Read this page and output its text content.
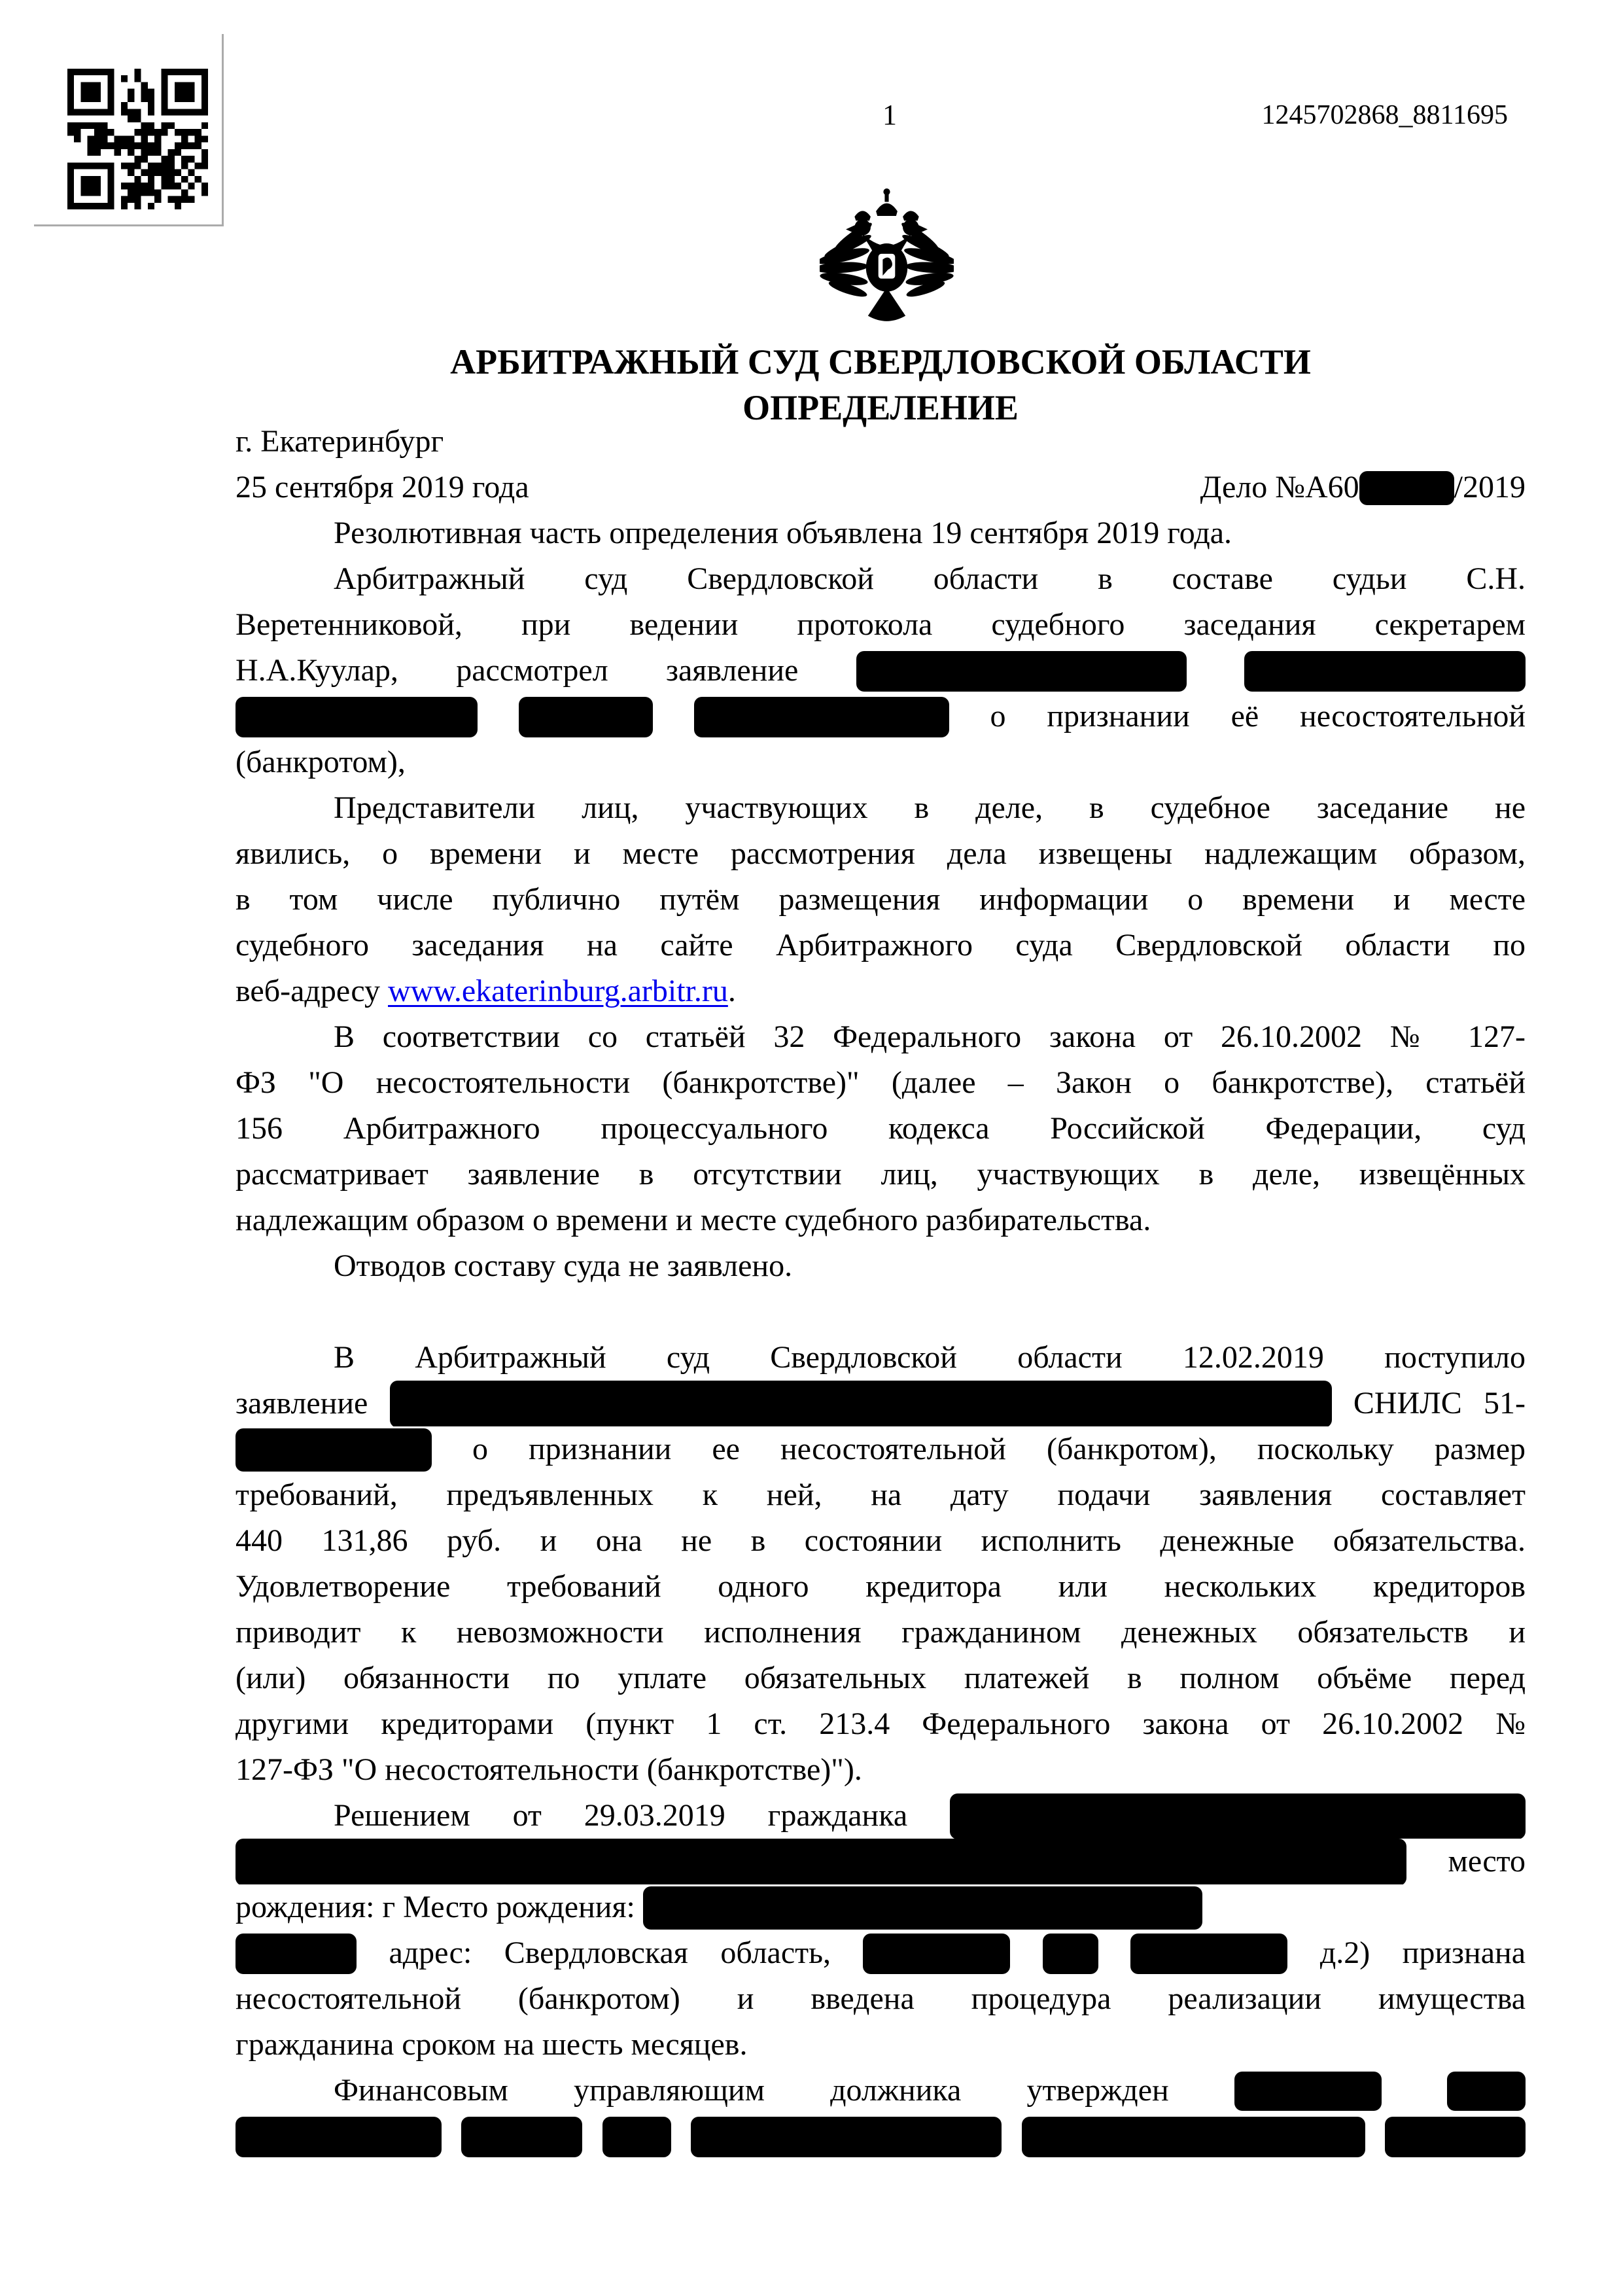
1	1245702868_8811695
АРБИТРАЖНЫЙ СУД СВЕРДЛОВСКОЙ ОБЛАСТИ
ОПРЕДЕЛЕНИЕ
г. Екатеринбург
25 сентября 2019 года	Дело №А60	/2019
Резолютивная часть определения объявлена 19 сентября 2019 года.
Арбитражный суд Свердловской области в составе судьи С.Н.
Веретенниковой, при ведении протокола судебного заседания секретарем
Н.А.Куулар, рассмотрел заявление
о признании её несостоятельной
(банкротом),
Представители лиц, участвующих в деле, в судебное заседание не
явились, о времени и месте рассмотрения дела извещены надлежащим образом,
в том числе публично путём размещения информации о времени и месте
судебного заседания на сайте Арбитражного суда Свердловской области по
веб-адресу www.ekaterinburg.arbitr.ru.
В соответствии со статьёй 32 Федерального закона от 26.10.2002 № 127-
ФЗ "О несостоятельности (банкротстве)" (далее – Закон о банкротстве), статьёй
156 Арбитражного процессуального кодекса Российской Федерации, суд
рассматривает заявление в отсутствии лиц, участвующих в деле, извещённых
надлежащим образом о времени и месте судебного разбирательства.
Отводов составу суда не заявлено.
В Арбитражный суд Свердловской области 12.02.2019 поступило
заявление	СНИЛС 51-
о признании ее несостоятельной (банкротом), поскольку размер
требований, предъявленных к ней, на дату подачи заявления составляет
440 131,86 руб. и она не в состоянии исполнить денежные обязательства.
Удовлетворение требований одного кредитора или нескольких кредиторов
приводит к невозможности исполнения гражданином денежных обязательств и
(или) обязанности по уплате обязательных платежей в полном объёме перед
другими кредиторами (пункт 1 ст. 213.4 Федерального закона от 26.10.2002 №
127-ФЗ "О несостоятельности (банкротстве)").
Решением от 29.03.2019 гражданка
место
рождения: г Место рождения:
адрес: Свердловская область,	д.2) признана
несостоятельной (банкротом) и введена процедура реализации имущества
гражданина сроком на шесть месяцев.
Финансовым управляющим должника утвержден
